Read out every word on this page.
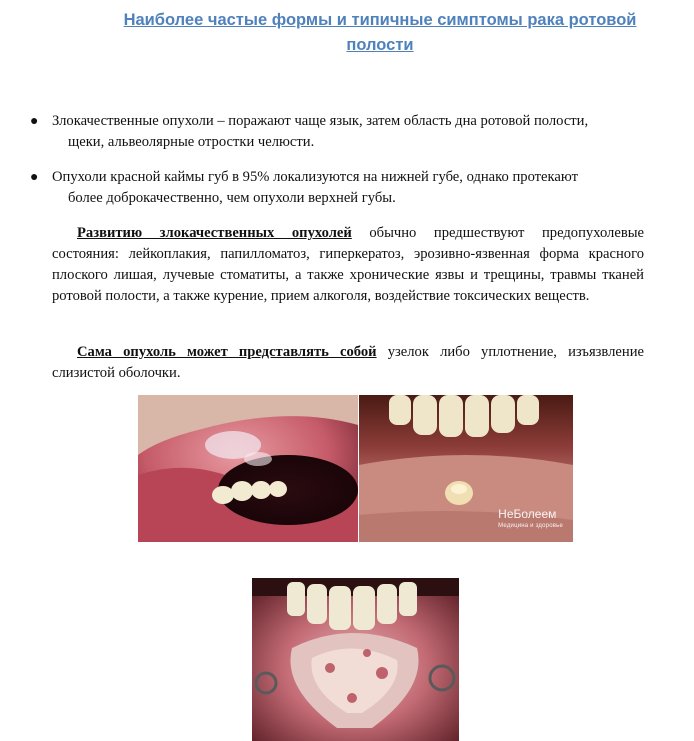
Наиболее частые формы и типичные симптомы рака ротовой полости
● Злокачественные опухоли – поражают чаще язык, затем область дна ротовой полости,
щеки, альвеолярные отростки челюсти.
● Опухоли красной каймы губ в 95% локализуются на нижней губе, однако протекают
более доброкачественно, чем опухоли верхней губы.
Развитию злокачественных опухолей обычно предшествуют предопухолевые состояния: лейкоплакия, папилломатоз, гиперкератоз, эрозивно-язвенная форма красного плоского лишая, лучевые стоматиты, а также хронические язвы и трещины, травмы тканей ротовой полости, а также курение, прием алкоголя, воздействие токсических веществ.
Сама опухоль может представлять собой узелок либо уплотнение, изъязвление слизистой оболочки.
НеБолеем
Медицина и здоровье
